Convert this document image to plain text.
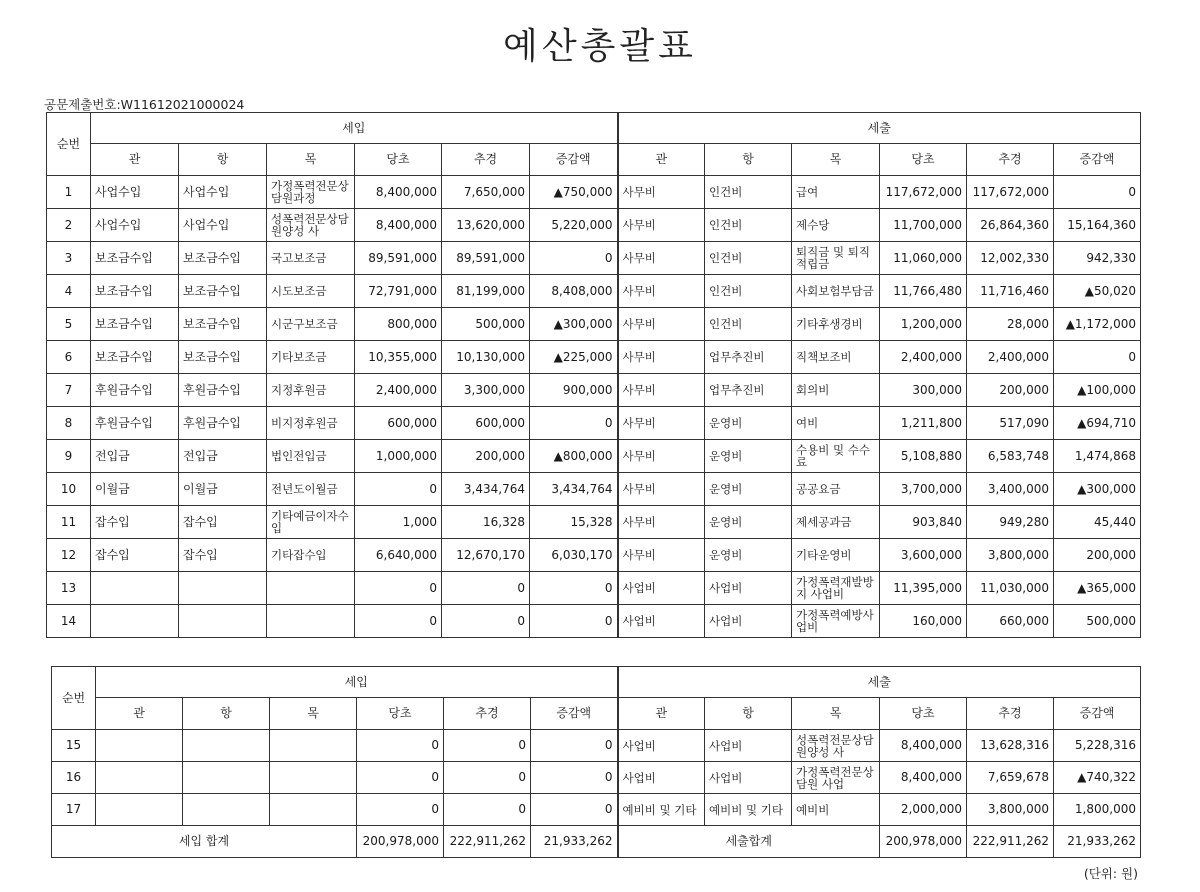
예산총괄표
공문제출번호:W11612021000024
순번	세입						세출					
	관	항	목	당초	추경	증감액	관	항	목	당초	추경	증감액
1	사업수입	사업수입	가정폭력전문상담원과정	8,400,000	7,650,000	▲750,000	사무비	인건비	급여	117,672,000	117,672,000	0
2	사업수입	사업수입	성폭력전문상담원양성 사	8,400,000	13,620,000	5,220,000	사무비	인건비	제수당	11,700,000	26,864,360	15,164,360
3	보조금수입	보조금수입	국고보조금	89,591,000	89,591,000	0	사무비	인건비	퇴직금 및 퇴직적립금	11,060,000	12,002,330	942,330
4	보조금수입	보조금수입	시도보조금	72,791,000	81,199,000	8,408,000	사무비	인건비	사회보험부담금	11,766,480	11,716,460	▲50,020
5	보조금수입	보조금수입	시군구보조금	800,000	500,000	▲300,000	사무비	인건비	기타후생경비	1,200,000	28,000	▲1,172,000
6	보조금수입	보조금수입	기타보조금	10,355,000	10,130,000	▲225,000	사무비	업무추진비	직책보조비	2,400,000	2,400,000	0
7	후원금수입	후원금수입	지정후원금	2,400,000	3,300,000	900,000	사무비	업무추진비	회의비	300,000	200,000	▲100,000
8	후원금수입	후원금수입	비지정후원금	600,000	600,000	0	사무비	운영비	여비	1,211,800	517,090	▲694,710
9	전입금	전입금	법인전입금	1,000,000	200,000	▲800,000	사무비	운영비	수용비 및 수수료	5,108,880	6,583,748	1,474,868
10	이월금	이월금	전년도이월금	0	3,434,764	3,434,764	사무비	운영비	공공요금	3,700,000	3,400,000	▲300,000
11	잡수입	잡수입	기타예금이자수입	1,000	16,328	15,328	사무비	운영비	제세공과금	903,840	949,280	45,440
12	잡수입	잡수입	기타잡수입	6,640,000	12,670,170	6,030,170	사무비	운영비	기타운영비	3,600,000	3,800,000	200,000
13				0	0	0	사업비	사업비	가정폭력재발방지 사업비	11,395,000	11,030,000	▲365,000
14				0	0	0	사업비	사업비	가정폭력예방사업비	160,000	660,000	500,000
순번	세입						세출					
	관	항	목	당초	추경	증감액	관	항	목	당초	추경	증감액
15				0	0	0	사업비	사업비	성폭력전문상담원양성 사	8,400,000	13,628,316	5,228,316
16				0	0	0	사업비	사업비	가정폭력전문상담원 사업	8,400,000	7,659,678	▲740,322
17				0	0	0	예비비 및 기타	예비비 및 기타	예비비	2,000,000	3,800,000	1,800,000
세입 합계				200,978,000	222,911,262	21,933,262	세출합계			200,978,000	222,911,262	21,933,262
(단위: 원)
